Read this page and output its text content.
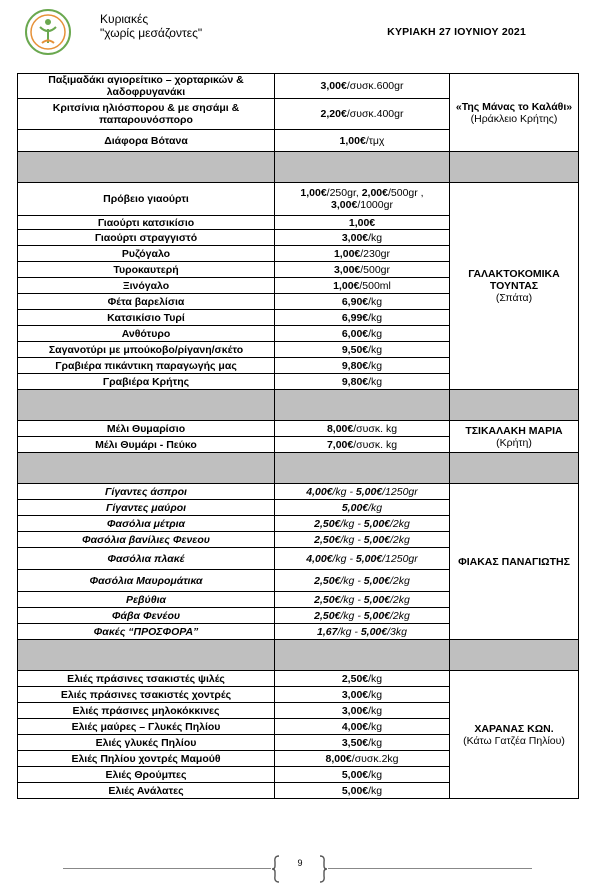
Κυριακές
"χωρίς μεσάζοντες"	ΚΥΡΙΑΚΗ 27 ΙΟΥΝΙΟΥ 2021
Παξιμαδάκι αγιορείτικο – χορταρικών & λαδοφρυγανάκι	3,00€/συσκ.600gr	«Της Μάνας το Καλάθι»
(Ηράκλειο Κρήτης)

Κριτσίνια ηλιόσπορου & με σησάμι & παπαρουνόσπορο	2,20€/συσκ.400gr	
Διάφορα Βότανα	1,00€/τμχ	

Πρόβειο γιαούρτι	1,00€/250gr, 2,00€/500gr , 3,00€/1000gr	ΓΑΛΑΚΤΟΚΟΜΙΚΑ ΤΟΥΝΤΑΣ
(Σπάτα)

Γιαούρτι κατσικίσιο	1,00€	
Γιαούρτι στραγγιστό	3,00€/kg	
Ρυζόγαλο	1,00€/230gr	
Τυροκαυτερή	3,00€/500gr	
Ξινόγαλο	1,00€/500ml	
Φέτα βαρελίσια	6,90€/kg	
Κατσικίσιο Τυρί	6,99€/kg	
Ανθότυρο	6,00€/kg	
Σαγανοτύρι με μπούκοβο/ρίγανη/σκέτο	9,50€/kg	
Γραβιέρα πικάντικη παραγωγής μας	9,80€/kg	
Γραβιέρα Κρήτης	9,80€/kg	

Μέλι Θυμαρίσιο	8,00€/συσκ. kg	ΤΣΙΚΑΛΑΚΗ ΜΑΡΙΑ
(Κρήτη)

Μέλι Θυμάρι - Πεύκο	7,00€/συσκ. kg	

Γίγαντες άσπροι	4,00€/kg - 5,00€/1250gr	ΦΙΑΚΑΣ ΠΑΝΑΓΙΩΤΗΣ

Γίγαντες μαύροι	5,00€/kg	
Φασόλια μέτρια	2,50€/kg - 5,00€/2kg	
Φασόλια βανίλιες Φενεου	2,50€/kg - 5,00€/2kg	
Φασόλια πλακέ	4,00€/kg - 5,00€/1250gr	
Φασόλια Μαυρομάτικα	2,50€/kg - 5,00€/2kg	
Ρεβύθια	2,50€/kg - 5,00€/2kg	
Φάβα Φενέου	2,50€/kg - 5,00€/2kg	
Φακές “ΠΡΟΣΦΟΡΑ”	1,67/kg - 5,00€/3kg	

Ελιές πράσινες τσακιστές ψιλές	2,50€/kg	ΧΑΡΑΝΑΣ ΚΩΝ.
(Κάτω Γατζέα Πηλίου)

Ελιές πράσινες τσακιστές χοντρές	3,00€/kg	
Ελιές πράσινες μηλοκόκκινες	3,00€/kg	
Ελιές μαύρες – Γλυκές Πηλίου	4,00€/kg	
Ελιές γλυκές Πηλίου	3,50€/kg	
Ελιές Πηλίου χοντρές Μαμούθ	8,00€/συσκ.2kg	
Ελιές Θρούμπες	5,00€/kg	
Ελιές Ανάλατες	5,00€/kg	
9
